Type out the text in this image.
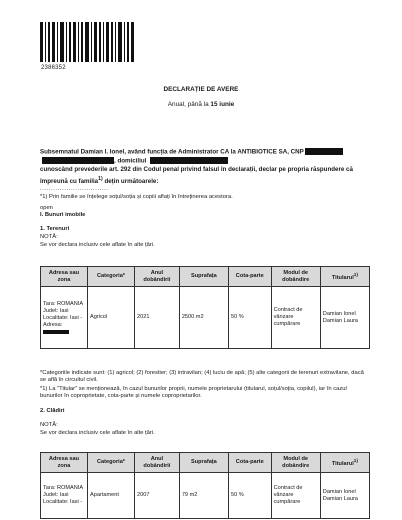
2386352
DECLARAȚIE DE AVERE
Anual, până la 15 iunie
Subsemnatul Damian I. Ionel, având funcția de Administrator CA la ANTIBIOTICE SA, CNP
, domiciliul
cunoscând prevederile art. 292 din Codul penal privind falsul în declarații, declar pe propria răspundere că împreună cu familia$^{1)}$ dețin următoarele:
...............................
*1) Prin familie se înțelege soțul/soția și copiii aflați în întreținerea acestora.
open
I. Bunuri imobile
1. Terenuri
NOTĂ:
Se vor declara inclusiv cele aflate în alte țări.
Adresa sau zona	Categoria*	Anul dobândirii	Suprafața	Cota-parte	Modul de dobândire	Titularul$^{1)}$

Tara: ROMANIA
Judet: Iasi
Localitate: Iasi -
Adresa:	Agricol	2021	2500 m2	50 %	Contract de vânzare cumpărare	Damian Ionel Damian Laura
*Categoriile indicate sunt: (1) agricol; (2) forestier; (3) intravilan; (4) luciu de apă; (5) alte categorii de terenuri extravilane, dacă se află în circuitul civil.
*1) La "Titular" se menționează, în cazul bunurilor proprii, numele proprietarului (titularul, soțul/soția, copilul), iar în cazul bunurilor în coproprietate, cota-parte și numele coproprietarilor.
2. Clădiri
NOTĂ:
Se vor declara inclusiv cele aflate în alte țări.
Adresa sau zona	Categoria*	Anul dobândirii	Suprafața	Cota-parte	Modul de dobândire	Titularul$^{1)}$

Tara: ROMANIA
Judet: Iasi
Localitate: Iasi -	Apartament	2007	79 m2	50 %	Contract de vânzare cumpărare	Damian Ionel Damian Laura
